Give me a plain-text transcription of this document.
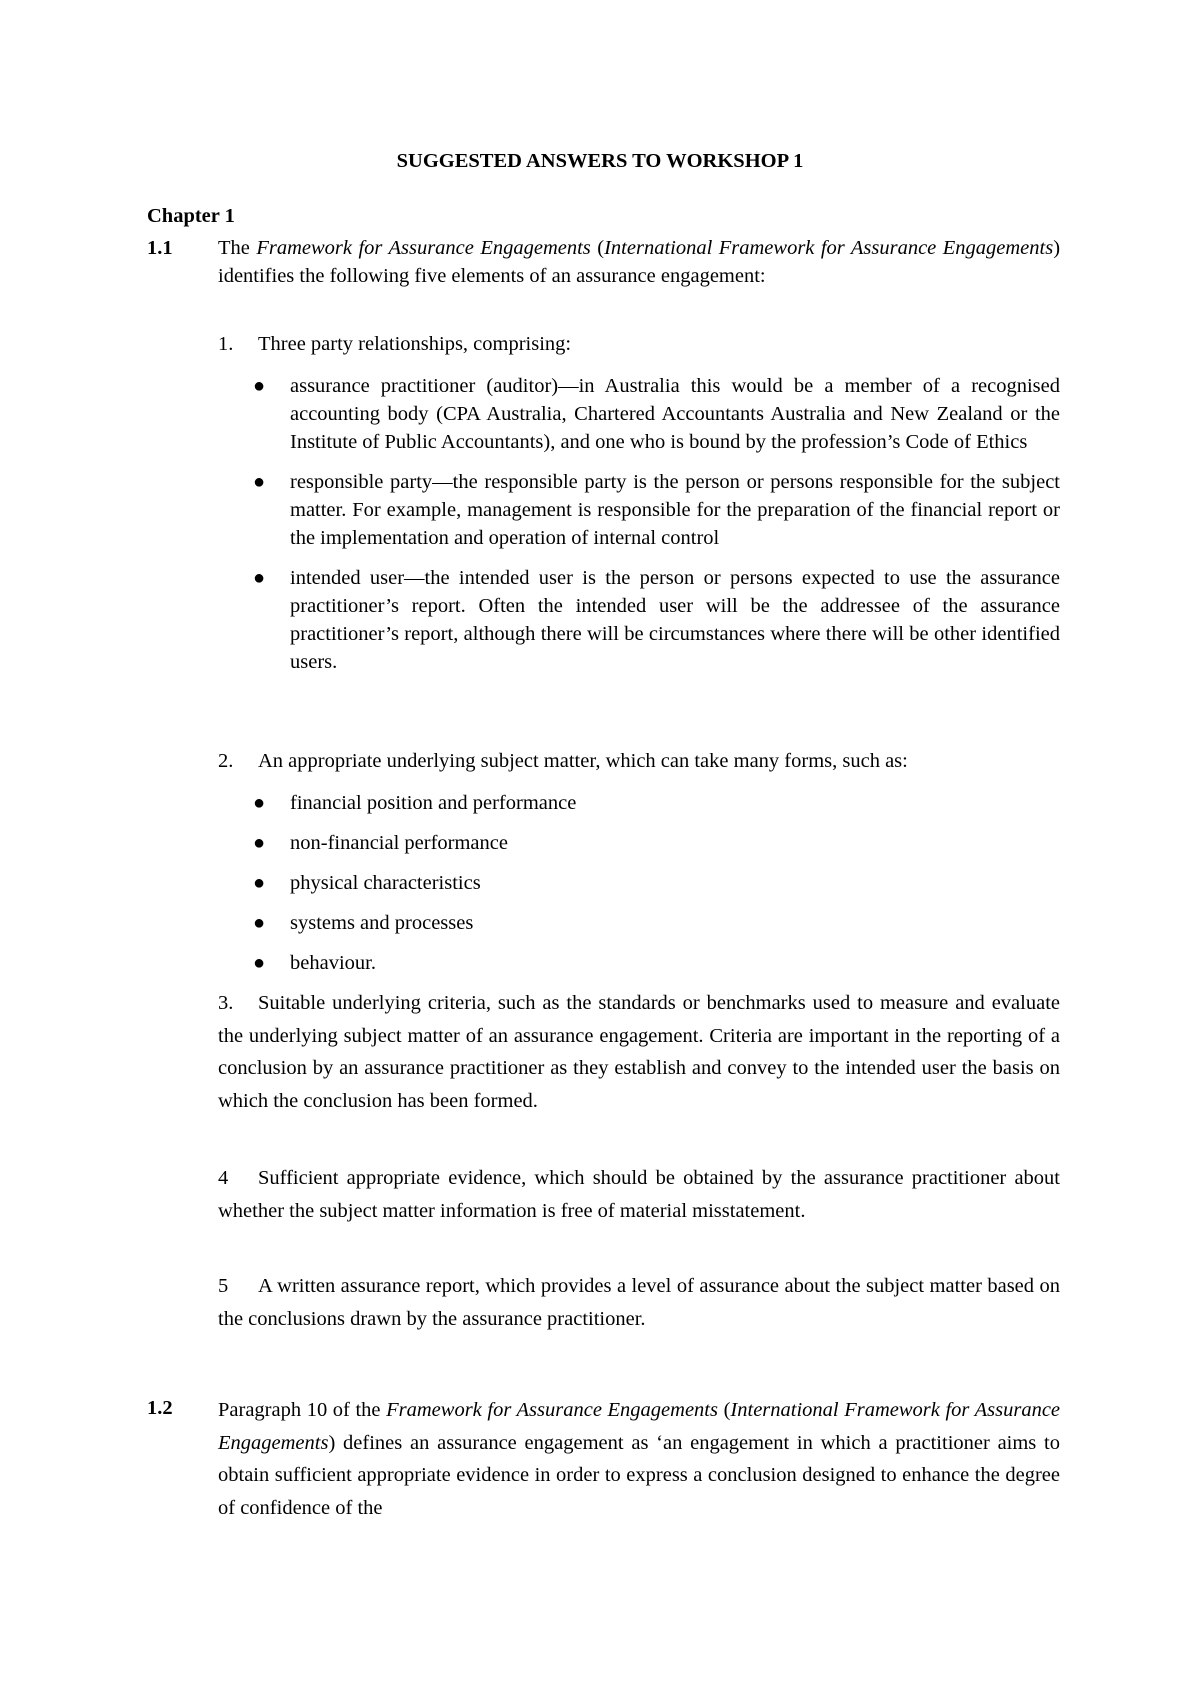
SUGGESTED ANSWERS TO WORKSHOP 1
Chapter 1
1.1 The Framework for Assurance Engagements (International Framework for Assurance Engagements) identifies the following five elements of an assurance engagement:
1. Three party relationships, comprising:
● assurance practitioner (auditor)—in Australia this would be a member of a recognised accounting body (CPA Australia, Chartered Accountants Australia and New Zealand or the Institute of Public Accountants), and one who is bound by the profession’s Code of Ethics
● responsible party—the responsible party is the person or persons responsible for the subject matter. For example, management is responsible for the preparation of the financial report or the implementation and operation of internal control
● intended user—the intended user is the person or persons expected to use the assurance practitioner’s report. Often the intended user will be the addressee of the assurance practitioner’s report, although there will be circumstances where there will be other identified users.
2. An appropriate underlying subject matter, which can take many forms, such as:
● financial position and performance
● non-financial performance
● physical characteristics
● systems and processes
● behaviour.
3. Suitable underlying criteria, such as the standards or benchmarks used to measure and evaluate the underlying subject matter of an assurance engagement. Criteria are important in the reporting of a conclusion by an assurance practitioner as they establish and convey to the intended user the basis on which the conclusion has been formed.
4 Sufficient appropriate evidence, which should be obtained by the assurance practitioner about whether the subject matter information is free of material misstatement.
5 A written assurance report, which provides a level of assurance about the subject matter based on the conclusions drawn by the assurance practitioner.
1.2 Paragraph 10 of the Framework for Assurance Engagements (International Framework for Assurance Engagements) defines an assurance engagement as ‘an engagement in which a practitioner aims to obtain sufficient appropriate evidence in order to express a conclusion designed to enhance the degree of confidence of the
